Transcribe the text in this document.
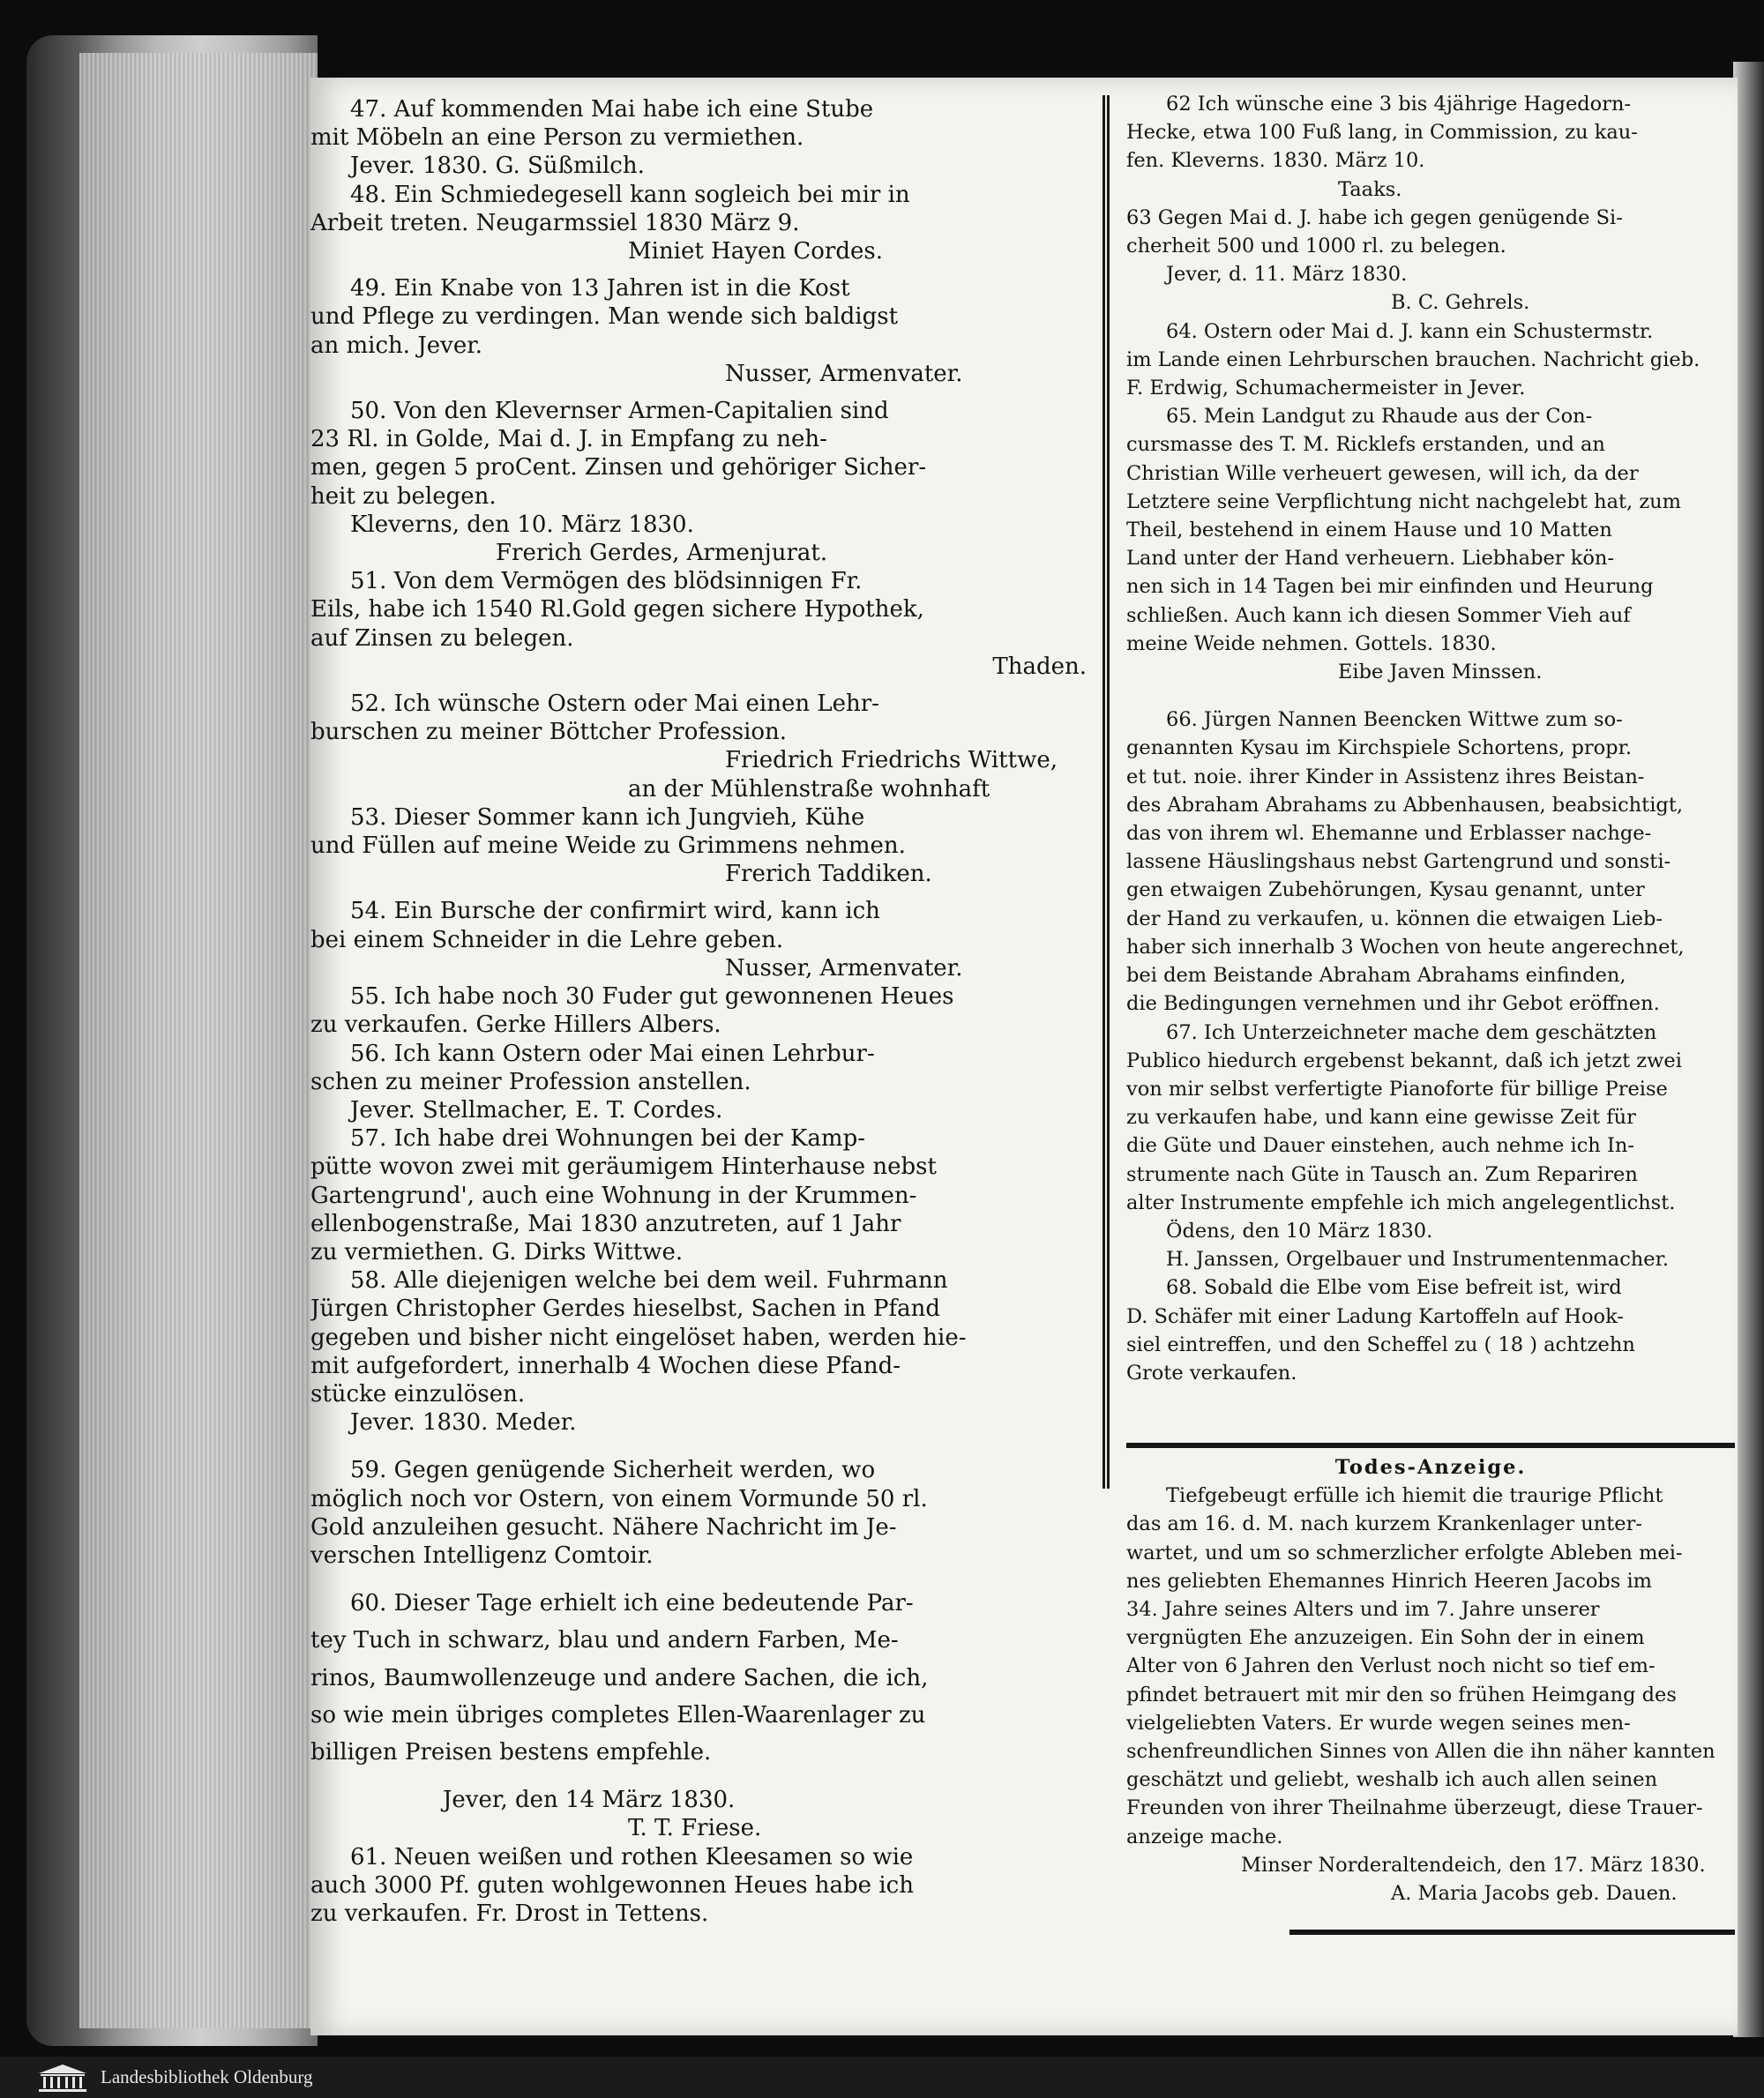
47. Auf kommenden Mai habe ich eine Stube

mit Möbeln an eine Person zu vermiethen.

Jever. 1830. G. Süßmilch.

48. Ein Schmiedegesell kann sogleich bei mir in

Arbeit treten. Neugarmssiel 1830 März 9.

Miniet Hayen Cordes.

49. Ein Knabe von 13 Jahren ist in die Kost

und Pflege zu verdingen. Man wende sich baldigst

an mich. Jever.

Nusser, Armenvater.

50. Von den Klevernser Armen-Capitalien sind

23 Rl. in Golde, Mai d. J. in Empfang zu neh-

men, gegen 5 proCent. Zinsen und gehöriger Sicher-

heit zu belegen.

Kleverns, den 10. März 1830.

Frerich Gerdes, Armenjurat.

51. Von dem Vermögen des blödsinnigen Fr.

Eils, habe ich 1540 Rl.Gold gegen sichere Hypothek,

auf Zinsen zu belegen.

Thaden.

52. Ich wünsche Ostern oder Mai einen Lehr-

burschen zu meiner Böttcher Profession.

Friedrich Friedrichs Wittwe,

an der Mühlenstraße wohnhaft

53. Dieser Sommer kann ich Jungvieh, Kühe

und Füllen auf meine Weide zu Grimmens nehmen.

Frerich Taddiken.

54. Ein Bursche der confirmirt wird, kann ich

bei einem Schneider in die Lehre geben.

Nusser, Armenvater.

55. Ich habe noch 30 Fuder gut gewonnenen Heues

zu verkaufen. Gerke Hillers Albers.

56. Ich kann Ostern oder Mai einen Lehrbur-

schen zu meiner Profession anstellen.

Jever. Stellmacher, E. T. Cordes.

57. Ich habe drei Wohnungen bei der Kamp-

pütte wovon zwei mit geräumigem Hinterhause nebst

Gartengrund', auch eine Wohnung in der Krummen-

ellenbogenstraße, Mai 1830 anzutreten, auf 1 Jahr

zu vermiethen. G. Dirks Wittwe.

58. Alle diejenigen welche bei dem weil. Fuhrmann

Jürgen Christopher Gerdes hieselbst, Sachen in Pfand

gegeben und bisher nicht eingelöset haben, werden hie-

mit aufgefordert, innerhalb 4 Wochen diese Pfand-

stücke einzulösen.

Jever. 1830. Meder.

59. Gegen genügende Sicherheit werden, wo

möglich noch vor Ostern, von einem Vormunde 50 rl.

Gold anzuleihen gesucht. Nähere Nachricht im Je-

verschen Intelligenz Comtoir.

60. Dieser Tage erhielt ich eine bedeutende Par-

tey Tuch in schwarz, blau und andern Farben, Me-

rinos, Baumwollenzeuge und andere Sachen, die ich,

so wie mein übriges completes Ellen-Waarenlager zu

billigen Preisen bestens empfehle.

Jever, den 14 März 1830.

T. T. Friese.

61. Neuen weißen und rothen Kleesamen so wie

auch 3000 Pf. guten wohlgewonnen Heues habe ich

zu verkaufen. Fr. Drost in Tettens.

62 Ich wünsche eine 3 bis 4jährige Hagedorn-

Hecke, etwa 100 Fuß lang, in Commission, zu kau-

fen. Kleverns. 1830. März 10.

Taaks.

63 Gegen Mai d. J. habe ich gegen genügende Si-

cherheit 500 und 1000 rl. zu belegen.

Jever, d. 11. März 1830.

B. C. Gehrels.

64. Ostern oder Mai d. J. kann ein Schustermstr.

im Lande einen Lehrburschen brauchen. Nachricht gieb.

F. Erdwig, Schumachermeister in Jever.

65. Mein Landgut zu Rhaude aus der Con-

cursmasse des T. M. Ricklefs erstanden, und an

Christian Wille verheuert gewesen, will ich, da der

Letztere seine Verpflichtung nicht nachgelebt hat, zum

Theil, bestehend in einem Hause und 10 Matten

Land unter der Hand verheuern. Liebhaber kön-

nen sich in 14 Tagen bei mir einfinden und Heurung

schließen. Auch kann ich diesen Sommer Vieh auf

meine Weide nehmen. Gottels. 1830.

Eibe Javen Minssen.

66. Jürgen Nannen Beencken Wittwe zum so-

genannten Kysau im Kirchspiele Schortens, propr.

et tut. noie. ihrer Kinder in Assistenz ihres Beistan-

des Abraham Abrahams zu Abbenhausen, beabsichtigt,

das von ihrem wl. Ehemanne und Erblasser nachge-

lassene Häuslingshaus nebst Gartengrund und sonsti-

gen etwaigen Zubehörungen, Kysau genannt, unter

der Hand zu verkaufen, u. können die etwaigen Lieb-

haber sich innerhalb 3 Wochen von heute angerechnet,

bei dem Beistande Abraham Abrahams einfinden,

die Bedingungen vernehmen und ihr Gebot eröffnen.

67. Ich Unterzeichneter mache dem geschätzten

Publico hiedurch ergebenst bekannt, daß ich jetzt zwei

von mir selbst verfertigte Pianoforte für billige Preise

zu verkaufen habe, und kann eine gewisse Zeit für

die Güte und Dauer einstehen, auch nehme ich In-

strumente nach Güte in Tausch an. Zum Repariren

alter Instrumente empfehle ich mich angelegentlichst.

Ödens, den 10 März 1830.

H. Janssen, Orgelbauer und Instrumentenmacher.

68. Sobald die Elbe vom Eise befreit ist, wird

D. Schäfer mit einer Ladung Kartoffeln auf Hook-

siel eintreffen, und den Scheffel zu ( 18 ) achtzehn

Grote verkaufen.

Todes-Anzeige.

Tiefgebeugt erfülle ich hiemit die traurige Pflicht

das am 16. d. M. nach kurzem Krankenlager unter-

wartet, und um so schmerzlicher erfolgte Ableben mei-

nes geliebten Ehemannes Hinrich Heeren Jacobs im

34. Jahre seines Alters und im 7. Jahre unserer

vergnügten Ehe anzuzeigen. Ein Sohn der in einem

Alter von 6 Jahren den Verlust noch nicht so tief em-

pfindet betrauert mit mir den so frühen Heimgang des

vielgeliebten Vaters. Er wurde wegen seines men-

schenfreundlichen Sinnes von Allen die ihn näher kannten

geschätzt und geliebt, weshalb ich auch allen seinen

Freunden von ihrer Theilnahme überzeugt, diese Trauer-

anzeige mache.

Minser Norderaltendeich, den 17. März 1830.

A. Maria Jacobs geb. Dauen.

Landesbibliothek Oldenburg
